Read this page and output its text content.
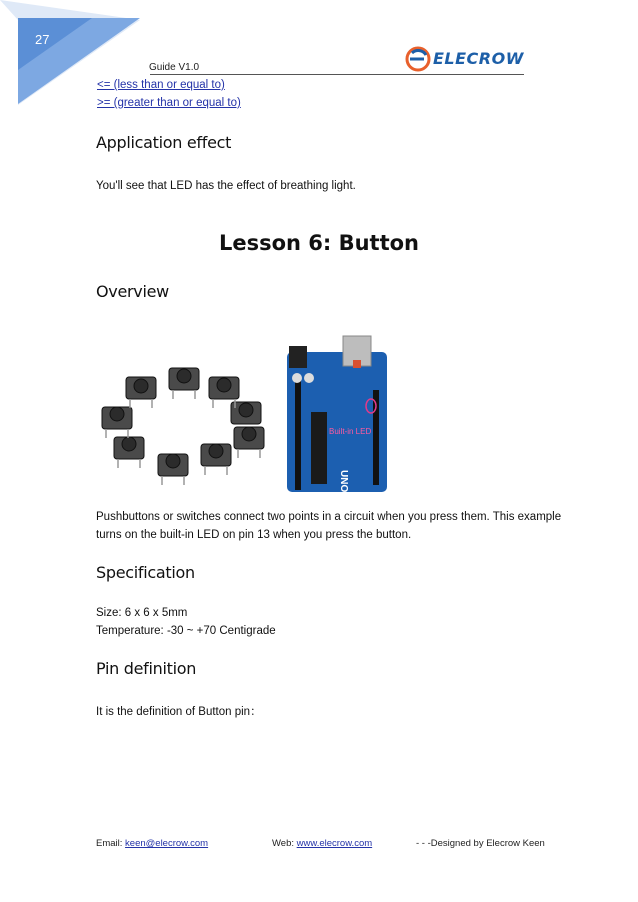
27
Guide V1.0	ELECROW
<= (less than or equal to)
>= (greater than or equal to)
Application effect
You'll see that LED has the effect of breathing light.
Lesson 6: Button
Overview
Built-in LED
UNO
Pushbuttons or switches connect two points in a circuit when you press them. This example
turns on the built-in LED on pin 13 when you press the button.
Specification
Size: 6 x 6 x 5mm
Temperature: -30 ~ +70 Centigrade
Pin definition
It is the definition of Button pin：
Email: keen@elecrow.com	Web: www.elecrow.com	- - -Designed by Elecrow Keen
